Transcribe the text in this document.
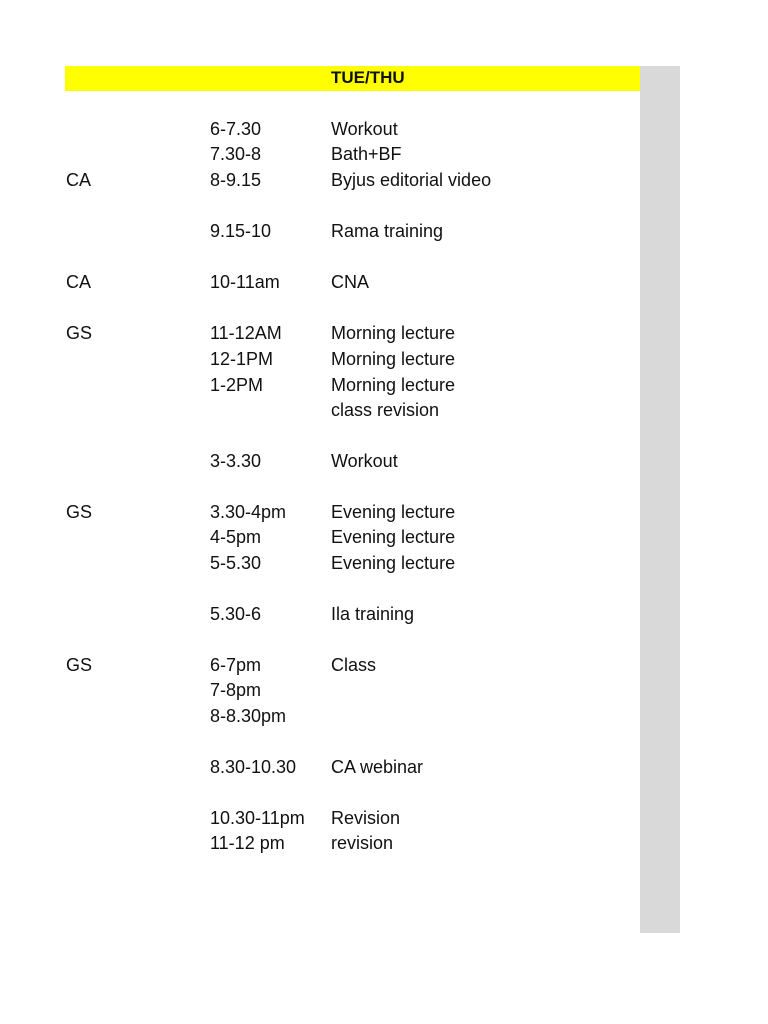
TUE/THU
6-7.30	Workout
7.30-8	Bath+BF
CA	8-9.15	Byjus editorial video
9.15-10	Rama training
CA	10-11am	CNA
GS	11-12AM	Morning lecture
12-1PM	Morning lecture
1-2PM	Morning lecture
class revision
3-3.30	Workout
GS	3.30-4pm Evening lecture
4-5pm	Evening lecture
5-5.30	Evening lecture
5.30-6	Ila training
GS	6-7pm	Class
7-8pm
8-8.30pm
8.30-10.30 CA webinar
10.30-11pm Revision
11-12 pm	revision
